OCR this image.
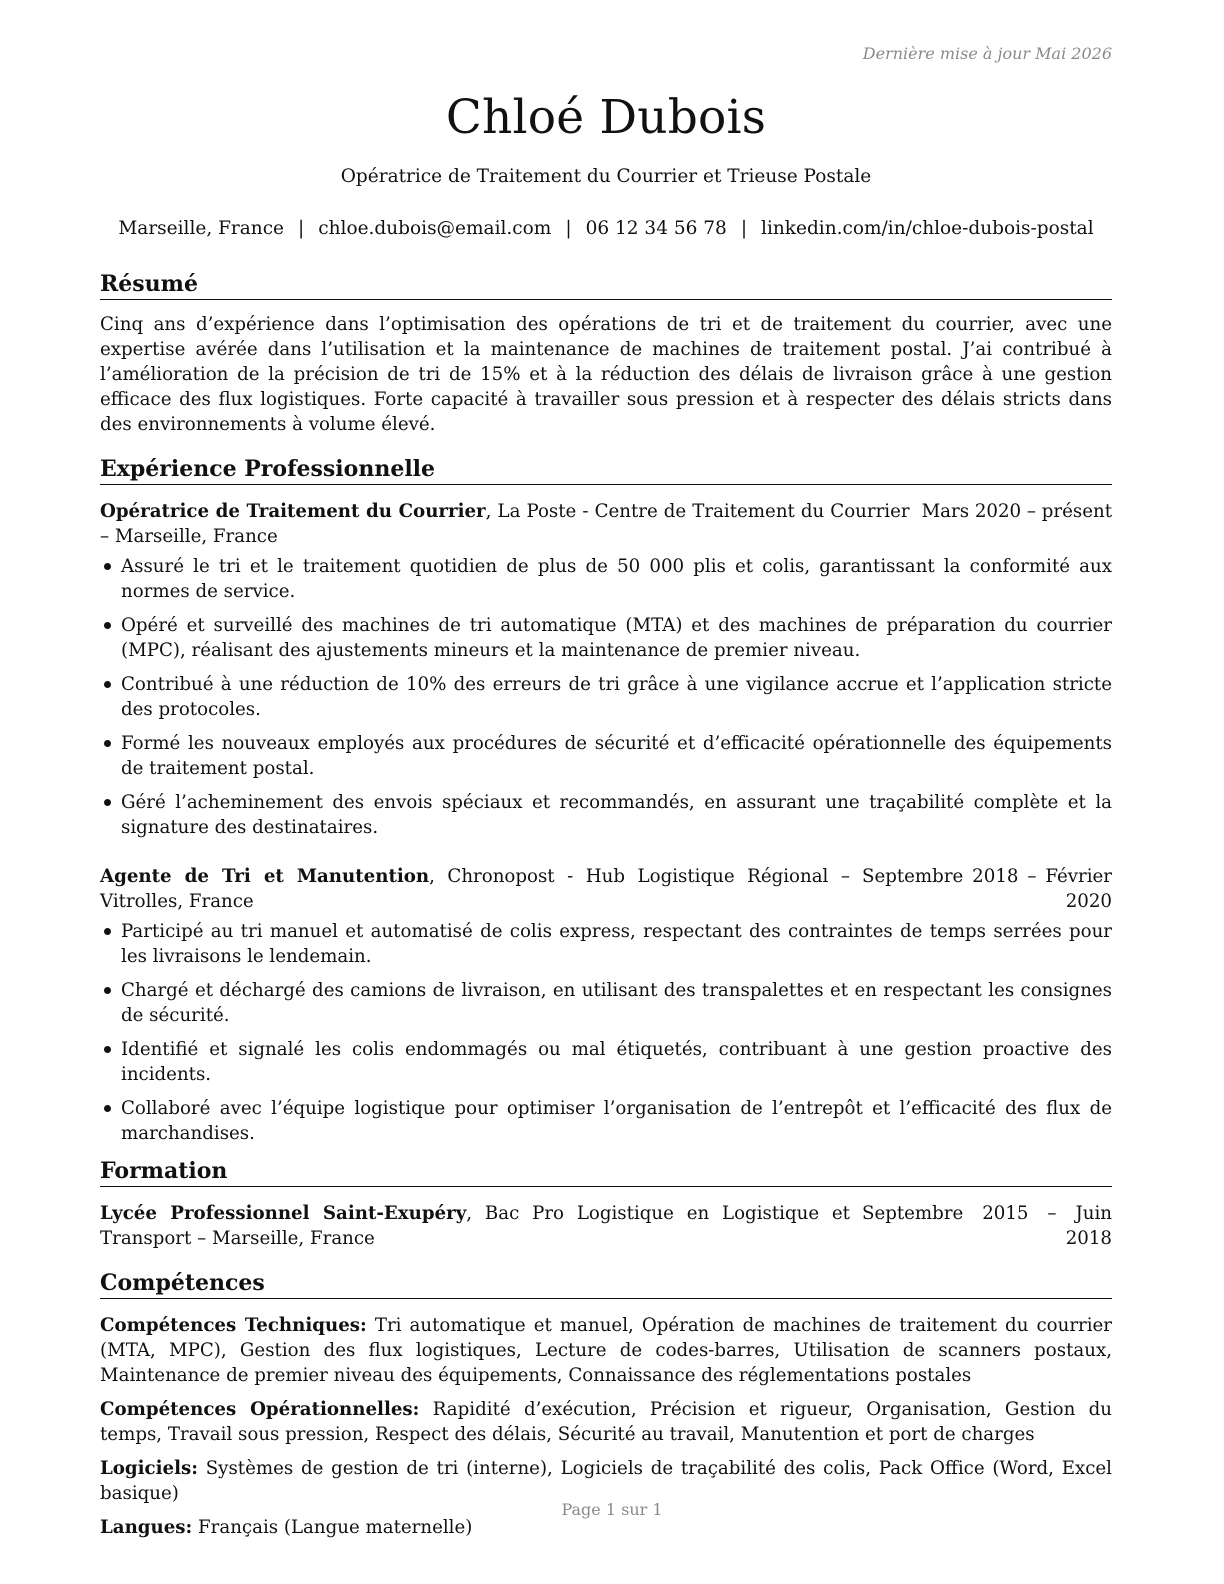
Dernière mise à jour Mai 2026
Chloé Dubois
Opératrice de Traitement du Courrier et Trieuse Postale
Marseille, France | chloe.dubois@email.com | 06 12 34 56 78 | linkedin.com/in/chloe-dubois-postal
Résumé
Cinq ans d’expérience dans l’optimisation des opérations de tri et de traitement du courrier, avec une expertise avérée dans l’utilisation et la maintenance de machines de traitement postal. J’ai contribué à l’amélioration de la précision de tri de 15% et à la réduction des délais de livraison grâce à une gestion efficace des flux logistiques. Forte capacité à travailler sous pression et à respecter des délais stricts dans des environnements à volume élevé.
Expérience Professionnelle
Opératrice de Traitement du Courrier, La Poste - Centre de Traitement du Courrier – Marseille, France
Mars 2020 – présent
Assuré le tri et le traitement quotidien de plus de 50 000 plis et colis, garantissant la conformité aux normes de service.
Opéré et surveillé des machines de tri automatique (MTA) et des machines de préparation du courrier (MPC), réalisant des ajustements mineurs et la maintenance de premier niveau.
Contribué à une réduction de 10% des erreurs de tri grâce à une vigilance accrue et l’application stricte des protocoles.
Formé les nouveaux employés aux procédures de sécurité et d’efficacité opérationnelle des équipements de traitement postal.
Géré l’acheminement des envois spéciaux et recommandés, en assurant une traçabilité complète et la signature des destinataires.
Agente de Tri et Manutention, Chronopost - Hub Logistique Régional – Vitrolles, France
Septembre 2018 – Février 2020
Participé au tri manuel et automatisé de colis express, respectant des contraintes de temps serrées pour les livraisons le lendemain.
Chargé et déchargé des camions de livraison, en utilisant des transpalettes et en respectant les consignes de sécurité.
Identifié et signalé les colis endommagés ou mal étiquetés, contribuant à une gestion proactive des incidents.
Collaboré avec l’équipe logistique pour optimiser l’organisation de l’entrepôt et l’efficacité des flux de marchandises.
Formation
Lycée Professionnel Saint-Exupéry, Bac Pro Logistique en Logistique et Transport – Marseille, France
Septembre 2015 – Juin 2018
Compétences
Compétences Techniques: Tri automatique et manuel, Opération de machines de traitement du courrier (MTA, MPC), Gestion des flux logistiques, Lecture de codes-barres, Utilisation de scanners postaux, Maintenance de premier niveau des équipements, Connaissance des réglementations postales
Compétences Opérationnelles: Rapidité d’exécution, Précision et rigueur, Organisation, Gestion du temps, Travail sous pression, Respect des délais, Sécurité au travail, Manutention et port de charges
Logiciels: Systèmes de gestion de tri (interne), Logiciels de traçabilité des colis, Pack Office (Word, Excel basique)
Langues: Français (Langue maternelle)
Page 1 sur 1
